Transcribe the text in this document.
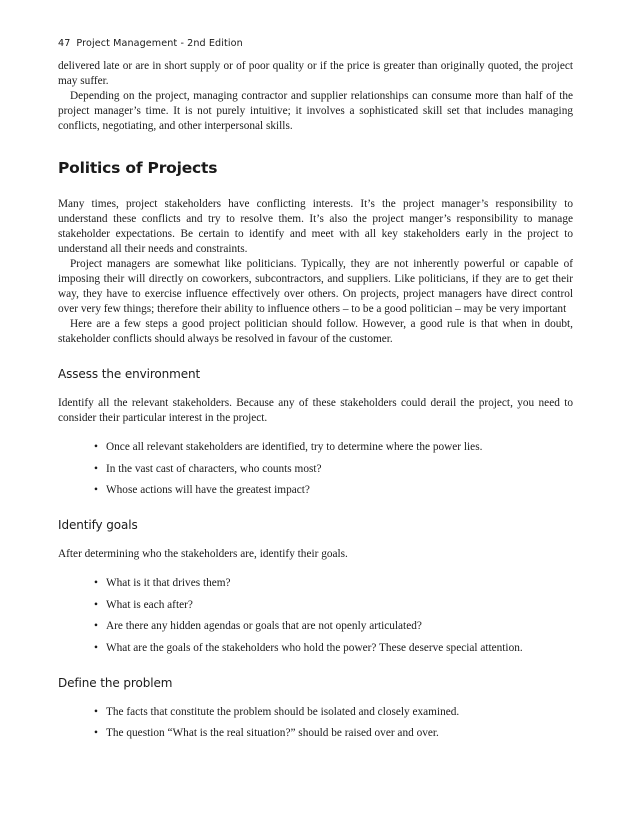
47 Project Management - 2nd Edition

delivered late or are in short supply or of poor quality or if the price is greater than originally quoted, the project may suffer.

Depending on the project, managing contractor and supplier relationships can consume more than half of the project manager’s time. It is not purely intuitive; it involves a sophisticated skill set that includes managing conflicts, negotiating, and other interpersonal skills.

Politics of Projects

Many times, project stakeholders have conflicting interests. It’s the project manager’s responsibility to understand these conflicts and try to resolve them. It’s also the project manger’s responsibility to manage stakeholder expectations. Be certain to identify and meet with all key stakeholders early in the project to understand all their needs and constraints.

Project managers are somewhat like politicians. Typically, they are not inherently powerful or capable of imposing their will directly on coworkers, subcontractors, and suppliers. Like politicians, if they are to get their way, they have to exercise influence effectively over others. On projects, project managers have direct control over very few things; therefore their ability to influence others – to be a good politician – may be very important

Here are a few steps a good project politician should follow. However, a good rule is that when in doubt, stakeholder conflicts should always be resolved in favour of the customer.

Assess the environment

Identify all the relevant stakeholders. Because any of these stakeholders could derail the project, you need to consider their particular interest in the project.

• Once all relevant stakeholders are identified, try to determine where the power lies.
• In the vast cast of characters, who counts most?
• Whose actions will have the greatest impact?
Identify goals

After determining who the stakeholders are, identify their goals.

• What is it that drives them?
• What is each after?
• Are there any hidden agendas or goals that are not openly articulated?
• What are the goals of the stakeholders who hold the power? These deserve special attention.
Define the problem
• The facts that constitute the problem should be isolated and closely examined.
• The question “What is the real situation?” should be raised over and over.
